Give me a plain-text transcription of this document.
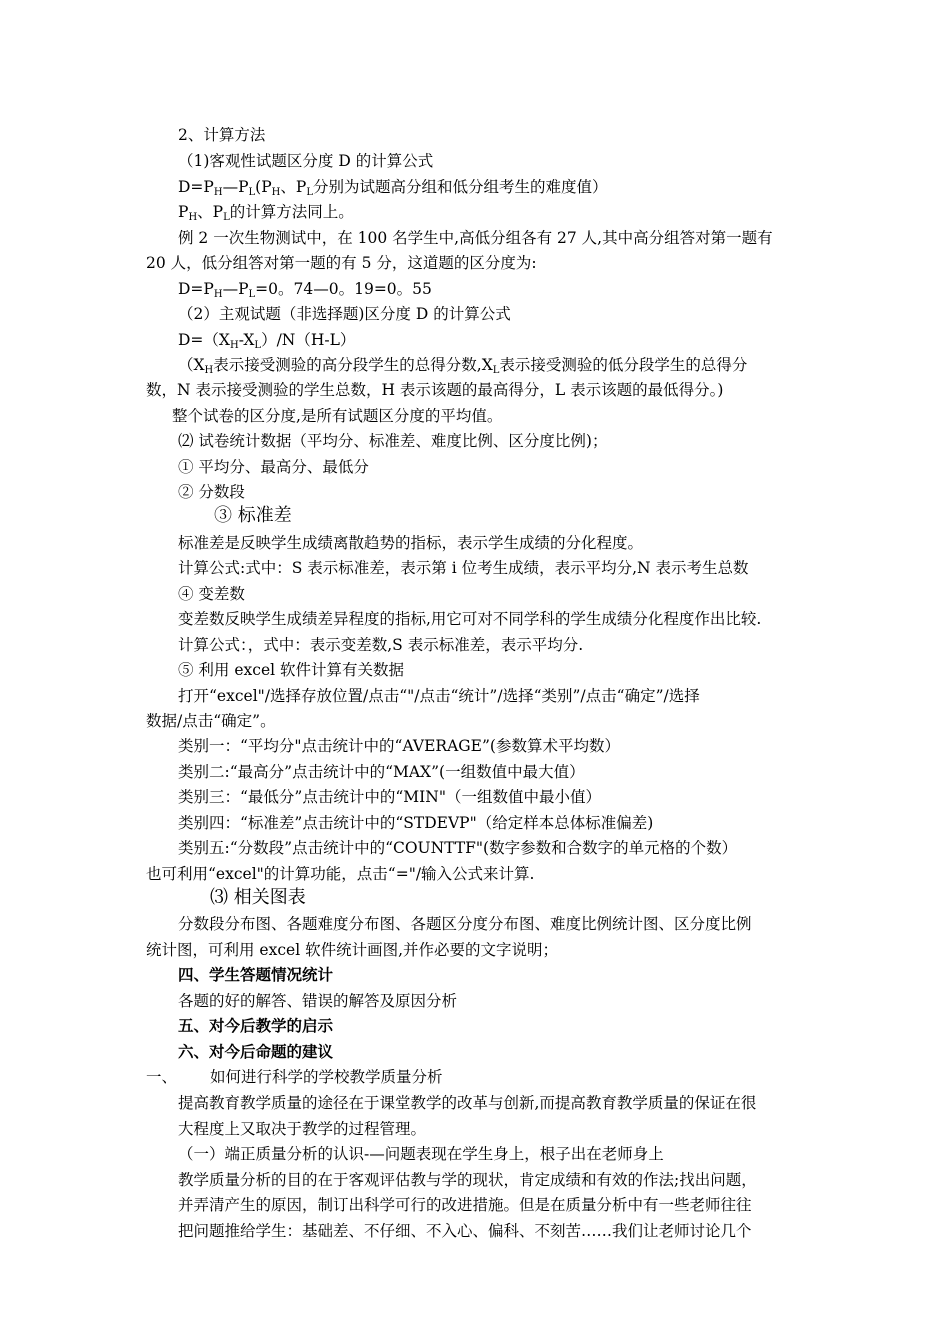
2、计算方法

（1)客观性试题区分度 D 的计算公式

$D=P_H—P_L(P_H$、$P_L$分别为试题高分组和低分组考生的难度值）

$P_H$、$P_L$的计算方法同上。

例 2 一次生物测试中，在 100 名学生中,高低分组各有 27 人,其中高分组答对第一题有

20 人，低分组答对第一题的有 5 分，这道题的区分度为:

$D=P_H—P_L=0$。74—0。19=0。55

（2）主观试题（非选择题)区分度 D 的计算公式

$D=(X_H-X_L)/N(H-L)$

（$X_H$表示接受测验的高分段学生的总得分数$,X_L$表示接受测验的低分段学生的总得分

数，N 表示接受测验的学生总数，H 表示该题的最高得分，L 表示该题的最低得分。)

整个试卷的区分度,是所有试题区分度的平均值。

⑵ 试卷统计数据（平均分、标准差、难度比例、区分度比例)；

① 平均分、最高分、最低分

② 分数段

③ 标准差

标准差是反映学生成绩离散趋势的指标，表示学生成绩的分化程度。

计算公式:式中：S 表示标准差，表示第 i 位考生成绩，表示平均分,N 表示考生总数

④ 变差数

变差数反映学生成绩差异程度的指标,用它可对不同学科的学生成绩分化程度作出比较.

计算公式：，式中：表示变差数,S 表示标准差，表示平均分.

⑤ 利用 excel 软件计算有关数据

打开“excel"/选择存放位置/点击“"/点击“统计”/选择“类别”/点击“确定”/选择

数据/点击“确定”。

类别一：“平均分"点击统计中的“AVERAGE”(参数算术平均数）

类别二:“最高分”点击统计中的“MAX”(一组数值中最大值）

类别三：“最低分”点击统计中的“MIN"（一组数值中最小值）

类别四：“标准差”点击统计中的“STDEVP"（给定样本总体标准偏差)

类别五:“分数段”点击统计中的“COUNTTF"(数字参数和合数字的单元格的个数）

也可利用“excel"的计算功能，点击“="/输入公式来计算.

⑶ 相关图表

分数段分布图、各题难度分布图、各题区分度分布图、难度比例统计图、区分度比例

统计图，可利用 excel 软件统计画图,并作必要的文字说明；

四、学生答题情况统计

各题的好的解答、错误的解答及原因分析

五、对今后教学的启示

六、对今后命题的建议

一、 如何进行科学的学校教学质量分析

提高教育教学质量的途径在于课堂教学的改革与创新,而提高教育教学质量的保证在很

大程度上又取决于教学的过程管理。

（一）端正质量分析的认识-—问题表现在学生身上，根子出在老师身上

教学质量分析的目的在于客观评估教与学的现状，肯定成绩和有效的作法;找出问题，

并弄清产生的原因，制订出科学可行的改进措施。但是在质量分析中有一些老师往往

把问题推给学生：基础差、不仔细、不入心、偏科、不刻苦……我们让老师讨论几个
